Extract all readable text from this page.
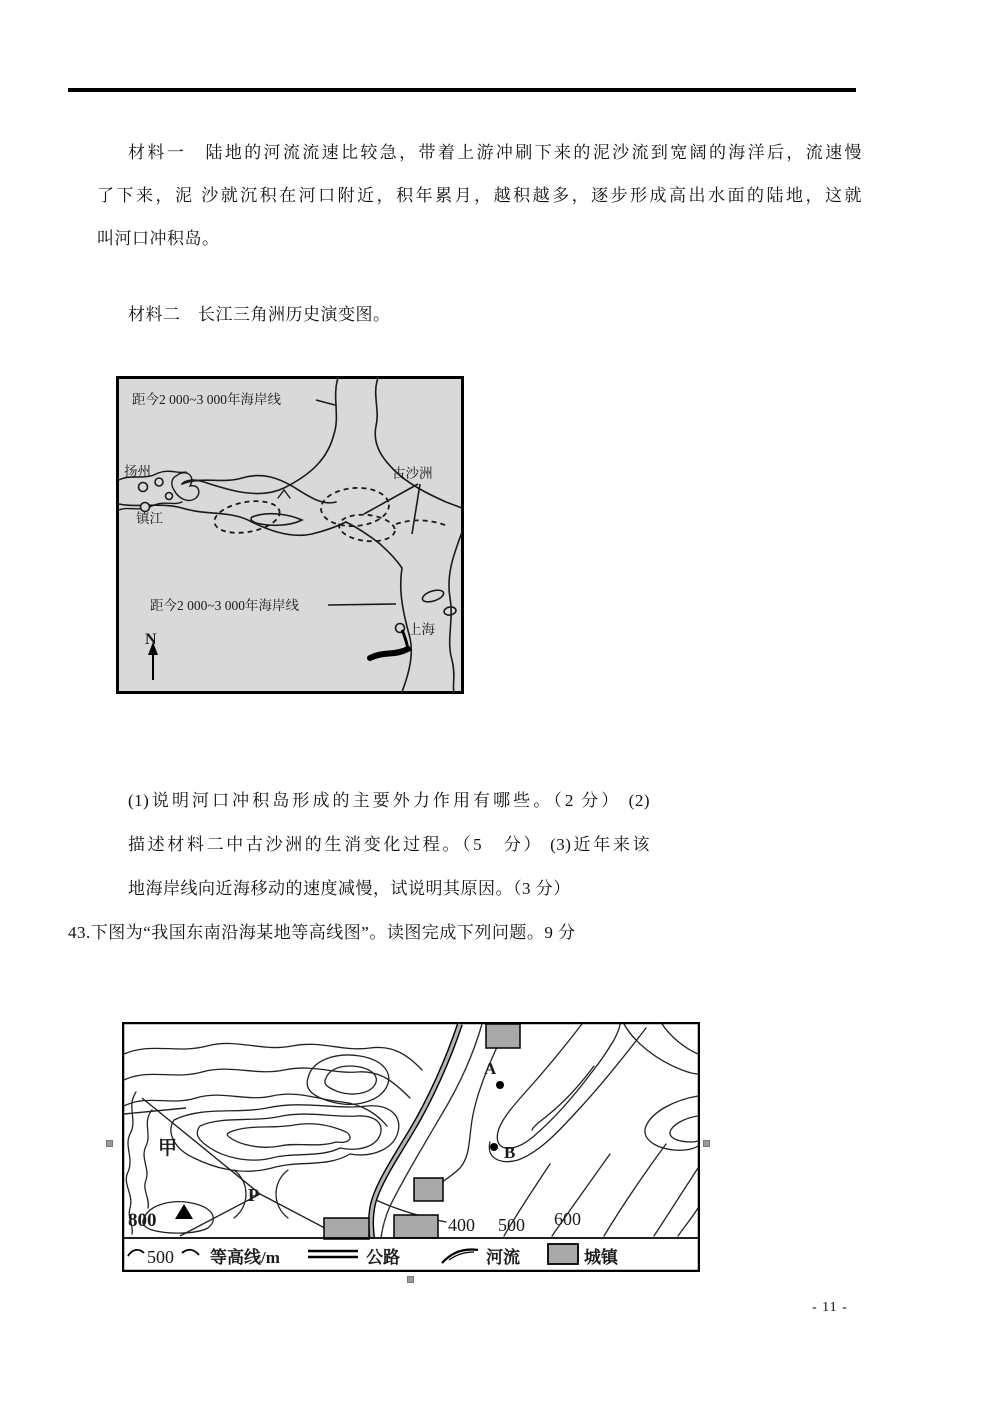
材料一　陆地的河流流速比较急，带着上游冲刷下来的泥沙流到宽阔的海洋后，流速慢
了下来，泥 沙就沉积在河口附近，积年累月，越积越多，逐步形成高出水面的陆地，这就
叫河口冲积岛。
材料二　长江三角洲历史演变图。
距今2 000~3 000年海岸线
距今2 000~3 000年海岸线
扬州
镇江
古沙洲
上海
N
(1)说明河口冲积岛形成的主要外力作用有哪些。（2 分） (2)
描述材料二中古沙洲的生消变化过程。（5　分） (3)近年来该
地海岸线向近海移动的速度减慢，试说明其原因。（3 分）
43.下图为“我国东南沿海某地等高线图”。读图完成下列问题。9 分
甲
P
800
A
B
400 500 600
500 等高线/m	公路	河流	城镇
- 11 -
